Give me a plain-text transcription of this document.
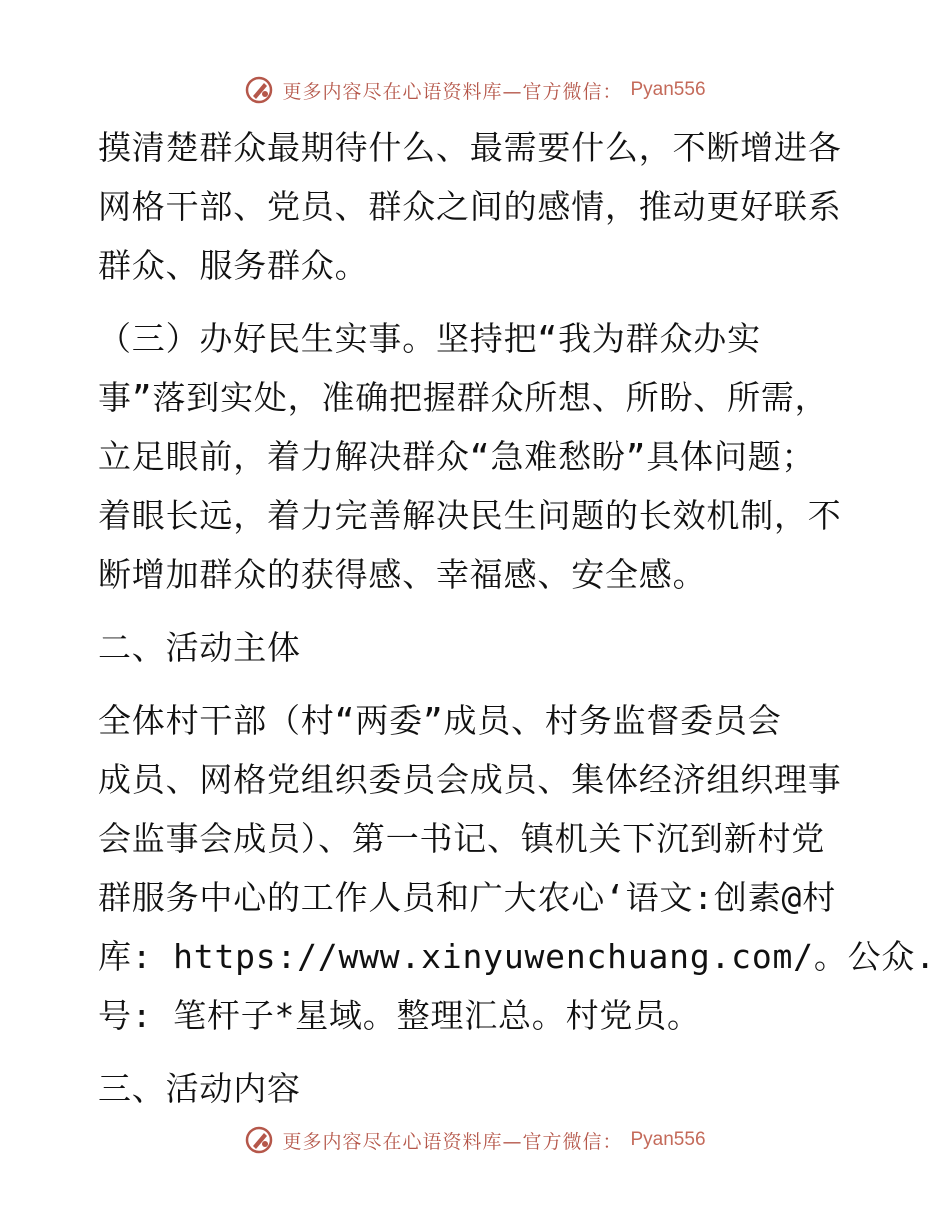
更多内容尽在心语资料库—官方微信： Pyan556

摸清楚群众最期待什么、最需要什么，不断增进各

网格干部、党员、群众之间的感情，推动更好联系

群众、服务群众。

（三）办好民生实事。坚持把“我为群众办实

事”落到实处，准确把握群众所想、所盼、所需，

立足眼前，着力解决群众“急难愁盼”具体问题；

着眼长远，着力完善解决民生问题的长效机制，不

断增加群众的获得感、幸福感、安全感。

二、活动主体

全体村干部（村“两委”成员、村务监督委员会

成员、网格党组织委员会成员、集体经济组织理事

会监事会成员）、第一书记、镇机关下沉到新村党

群服务中心的工作人员和广大农心‘语文:创素@村

库: https://www.xinyuwenchuang.com/。公众.

号: 笔杆子*星域。整理汇总。村党员。

三、活动内容

更多内容尽在心语资料库—官方微信： Pyan556
